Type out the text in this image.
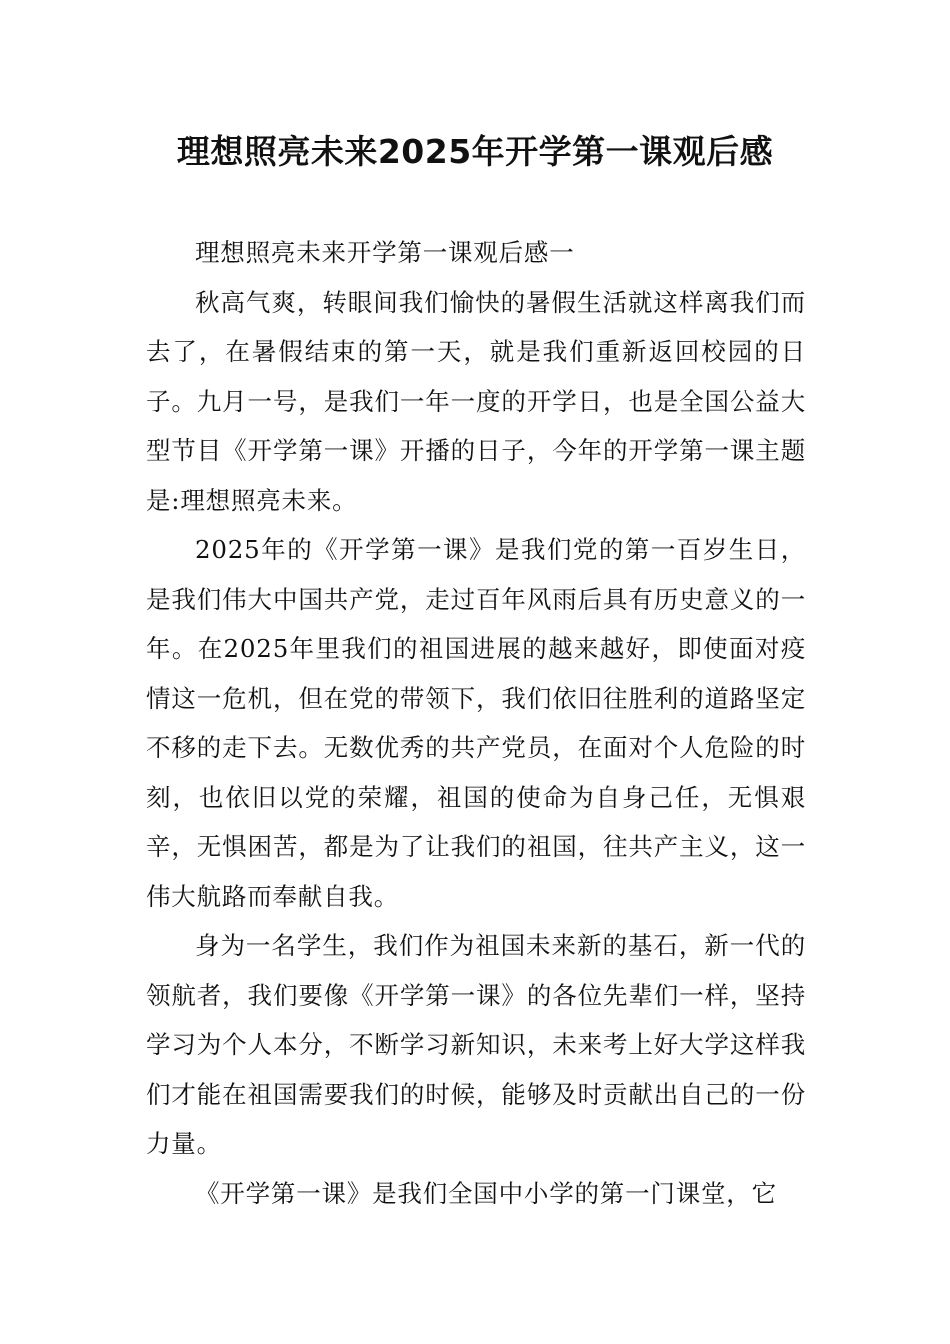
理想照亮未来2025年开学第一课观后感

理想照亮未来开学第一课观后感一

秋高气爽，转眼间我们愉快的暑假生活就这样离我们而去了，在暑假结束的第一天，就是我们重新返回校园的日子。九月一号，是我们一年一度的开学日，也是全国公益大型节目《开学第一课》开播的日子，今年的开学第一课主题是:理想照亮未来。

2025年的《开学第一课》是我们党的第一百岁生日，是我们伟大中国共产党，走过百年风雨后具有历史意义的一年。在2025年里我们的祖国进展的越来越好，即使面对疫情这一危机，但在党的带领下，我们依旧往胜利的道路坚定不移的走下去。无数优秀的共产党员，在面对个人危险的时刻，也依旧以党的荣耀，祖国的使命为自身己任，无惧艰辛，无惧困苦，都是为了让我们的祖国，往共产主义，这一伟大航路而奉献自我。

身为一名学生，我们作为祖国未来新的基石，新一代的领航者，我们要像《开学第一课》的各位先辈们一样，坚持学习为个人本分，不断学习新知识，未来考上好大学这样我们才能在祖国需要我们的时候，能够及时贡献出自己的一份力量。

《开学第一课》是我们全国中小学的第一门课堂，它
